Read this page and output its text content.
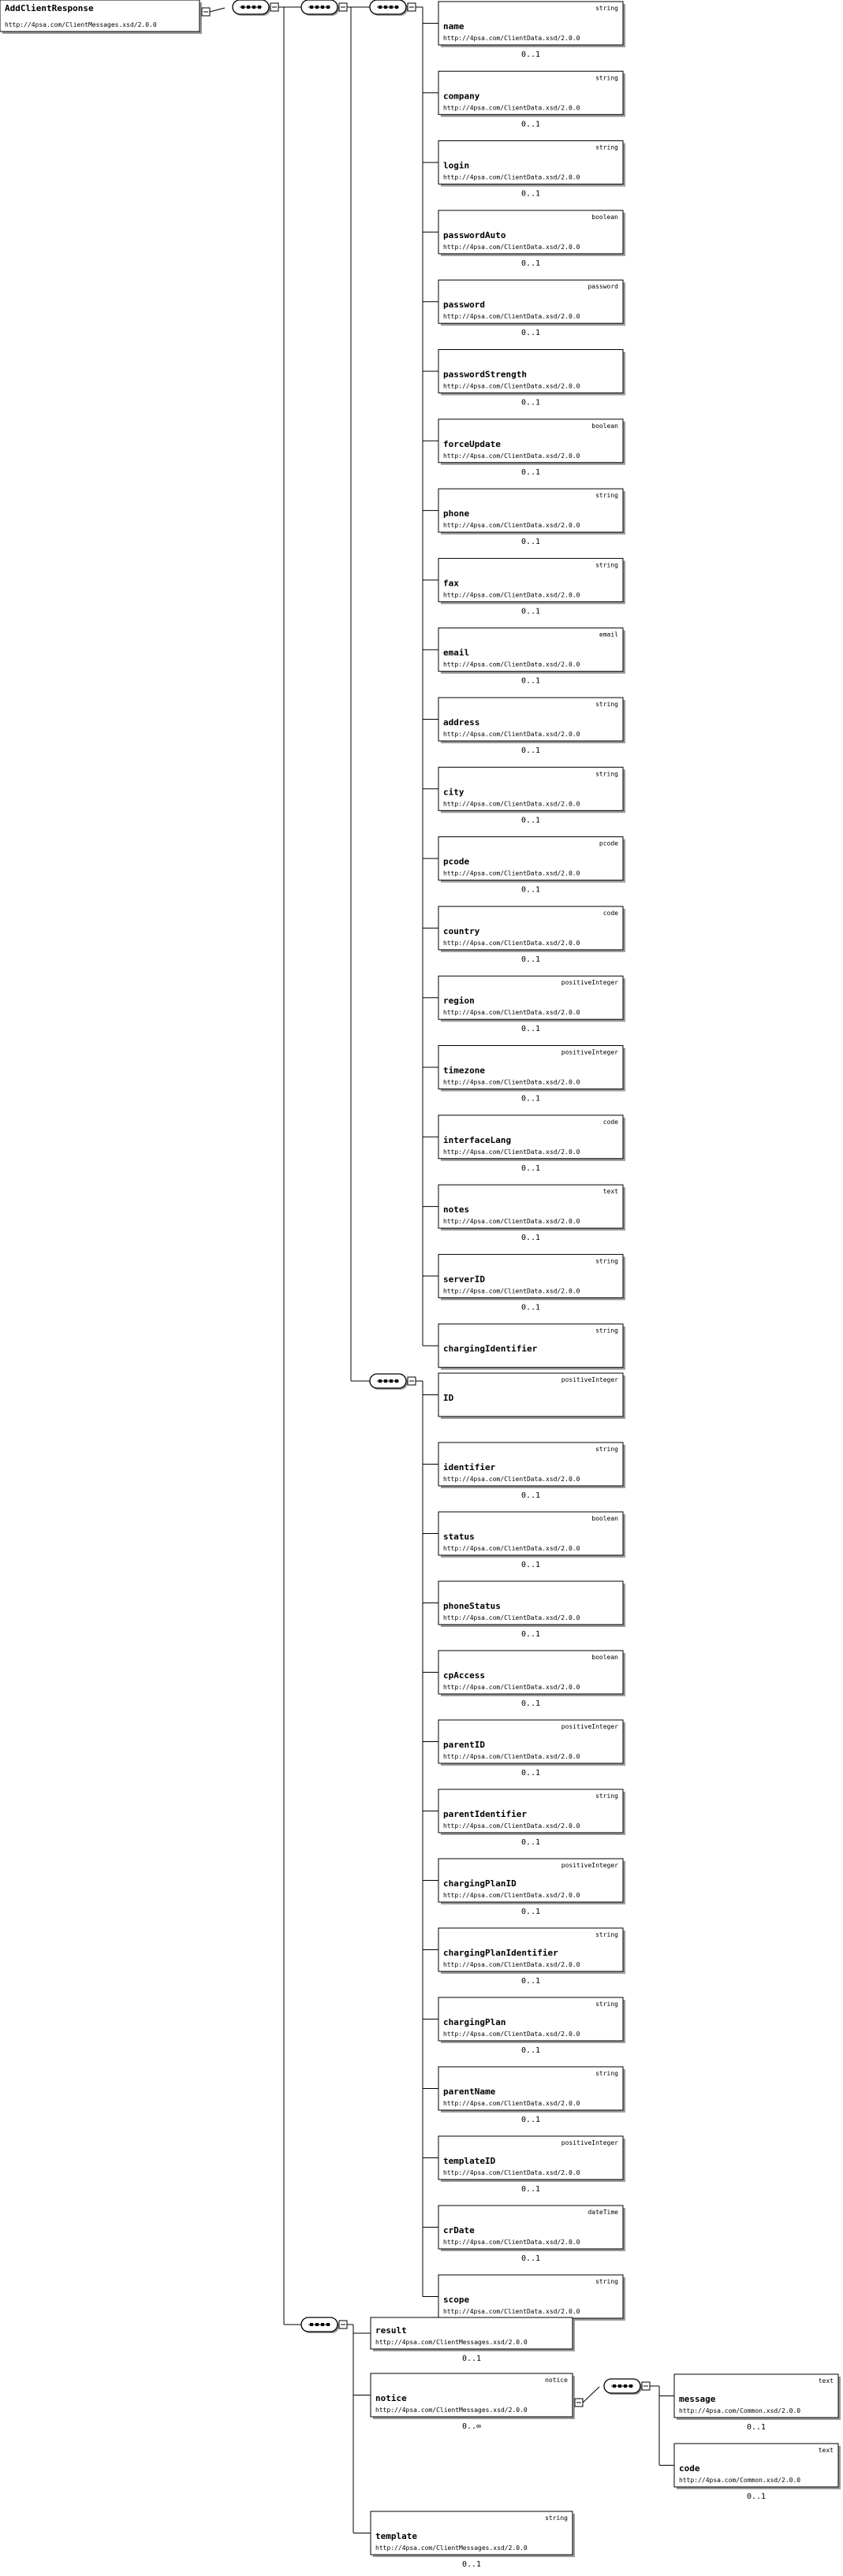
AddClientResponse
http://4psa.com/ClientMessages.xsd/2.0.0
string
name
http://4psa.com/ClientData.xsd/2.0.0
0..1
string
company
http://4psa.com/ClientData.xsd/2.0.0
0..1
string
login
http://4psa.com/ClientData.xsd/2.0.0
0..1
boolean
passwordAuto
http://4psa.com/ClientData.xsd/2.0.0
0..1
password
password
http://4psa.com/ClientData.xsd/2.0.0
0..1
passwordStrength
http://4psa.com/ClientData.xsd/2.0.0
0..1
boolean
forceUpdate
http://4psa.com/ClientData.xsd/2.0.0
0..1
string
phone
http://4psa.com/ClientData.xsd/2.0.0
0..1
string
fax
http://4psa.com/ClientData.xsd/2.0.0
0..1
email
email
http://4psa.com/ClientData.xsd/2.0.0
0..1
string
address
http://4psa.com/ClientData.xsd/2.0.0
0..1
string
city
http://4psa.com/ClientData.xsd/2.0.0
0..1
pcode
pcode
http://4psa.com/ClientData.xsd/2.0.0
0..1
code
country
http://4psa.com/ClientData.xsd/2.0.0
0..1
positiveInteger
region
http://4psa.com/ClientData.xsd/2.0.0
0..1
positiveInteger
timezone
http://4psa.com/ClientData.xsd/2.0.0
0..1
code
interfaceLang
http://4psa.com/ClientData.xsd/2.0.0
0..1
text
notes
http://4psa.com/ClientData.xsd/2.0.0
0..1
string
serverID
http://4psa.com/ClientData.xsd/2.0.0
0..1
string
chargingIdentifier
positiveInteger
ID
string
identifier
http://4psa.com/ClientData.xsd/2.0.0
0..1
boolean
status
http://4psa.com/ClientData.xsd/2.0.0
0..1
phoneStatus
http://4psa.com/ClientData.xsd/2.0.0
0..1
boolean
cpAccess
http://4psa.com/ClientData.xsd/2.0.0
0..1
positiveInteger
parentID
http://4psa.com/ClientData.xsd/2.0.0
0..1
string
parentIdentifier
http://4psa.com/ClientData.xsd/2.0.0
0..1
positiveInteger
chargingPlanID
http://4psa.com/ClientData.xsd/2.0.0
0..1
string
chargingPlanIdentifier
http://4psa.com/ClientData.xsd/2.0.0
0..1
string
chargingPlan
http://4psa.com/ClientData.xsd/2.0.0
0..1
string
parentName
http://4psa.com/ClientData.xsd/2.0.0
0..1
positiveInteger
templateID
http://4psa.com/ClientData.xsd/2.0.0
0..1
dateTime
crDate
http://4psa.com/ClientData.xsd/2.0.0
0..1
string
scope
http://4psa.com/ClientData.xsd/2.0.0
result
http://4psa.com/ClientMessages.xsd/2.0.0
0..1
notice
notice
http://4psa.com/ClientMessages.xsd/2.0.0
0..∞
string
template
http://4psa.com/ClientMessages.xsd/2.0.0
0..1
text
message
http://4psa.com/Common.xsd/2.0.0
0..1
text
code
http://4psa.com/Common.xsd/2.0.0
0..1
